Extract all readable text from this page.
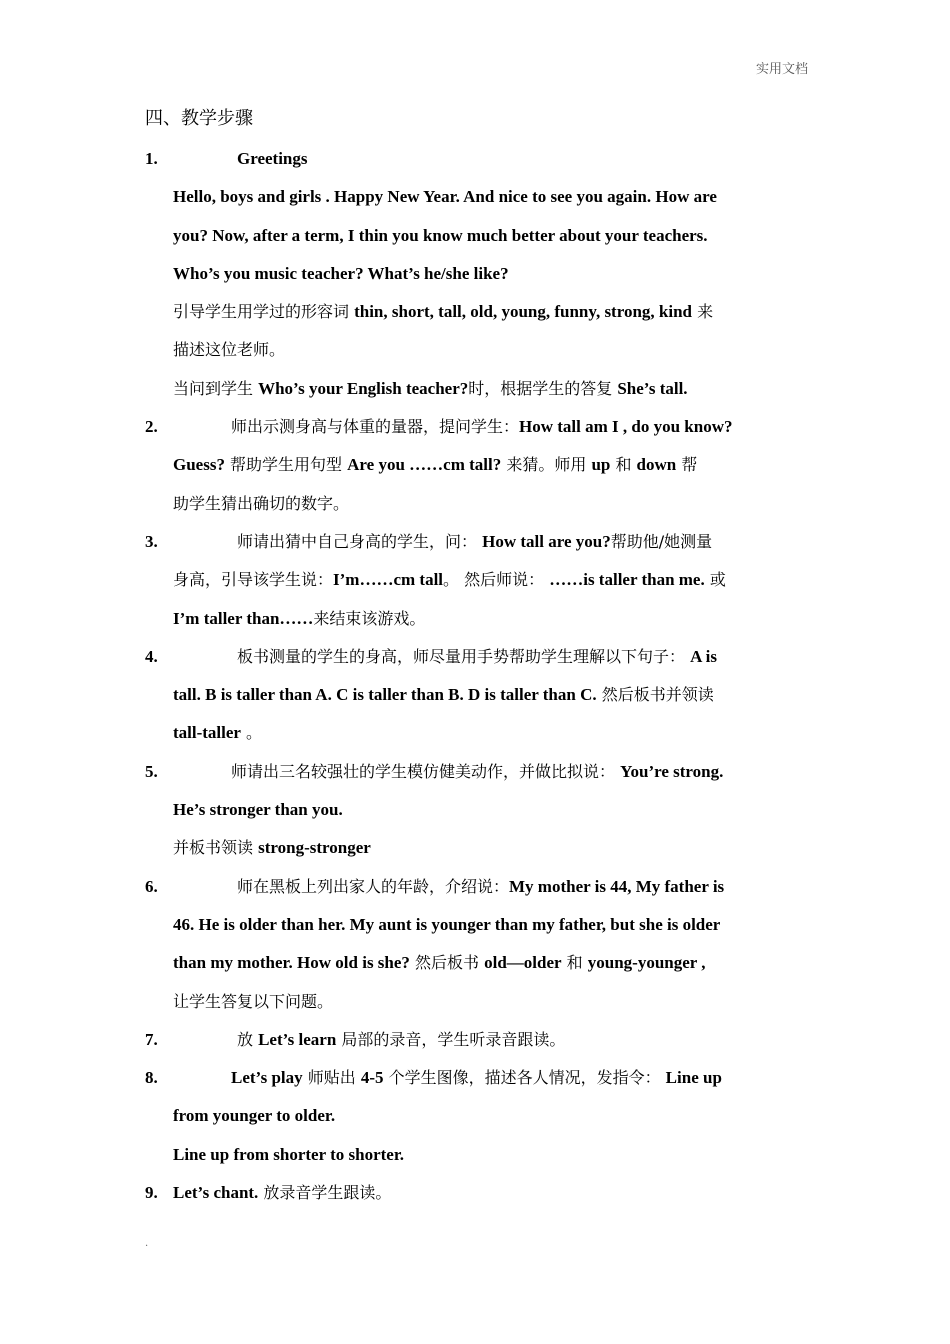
实用文档
四、教学步骤
1.	Greetings
Hello, boys and girls . Happy New Year. And nice to see you again. How are
you? Now, after a term, I thin you know much better about your teachers.
Who’s you music teacher? What’s he/she like?
引导学生用学过的形容词 thin, short, tall, old, young, funny, strong, kind 来
描述这位老师。
当问到学生 Who’s your English teacher?时，根据学生的答复 She’s tall.
2.	师出示测身高与体重的量器，提问学生：How tall am I , do you know?
Guess? 帮助学生用句型 Are you ……cm tall? 来猜。师用 up 和 down 帮
助学生猜出确切的数字。
3.	师请出猜中自己身高的学生，问： How tall are you?帮助他/她测量
身高，引导该学生说：I’m……cm tall。 然后师说： ……is taller than me. 或
I’m taller than……来结束该游戏。
4.	板书测量的学生的身高，师尽量用手势帮助学生理解以下句子： A is
tall. B is taller than A. C is taller than B. D is taller than C. 然后板书并领读
tall-taller 。
5.	师请出三名较强壮的学生模仿健美动作，并做比拟说： You’re strong.
He’s stronger than you.
并板书领读 strong-stronger
6.	师在黑板上列出家人的年龄，介绍说：My mother is 44, My father is
46. He is older than her. My aunt is younger than my father, but she is older
than my mother. How old is she? 然后板书 old—older 和 young-younger ,
让学生答复以下问题。
7.	放 Let’s learn 局部的录音，学生听录音跟读。
8.	Let’s play 师贴出 4-5 个学生图像，描述各人情况，发指令： Line up
from younger to older.
Line up from shorter to shorter.
9. Let’s chant. 放录音学生跟读。
.
